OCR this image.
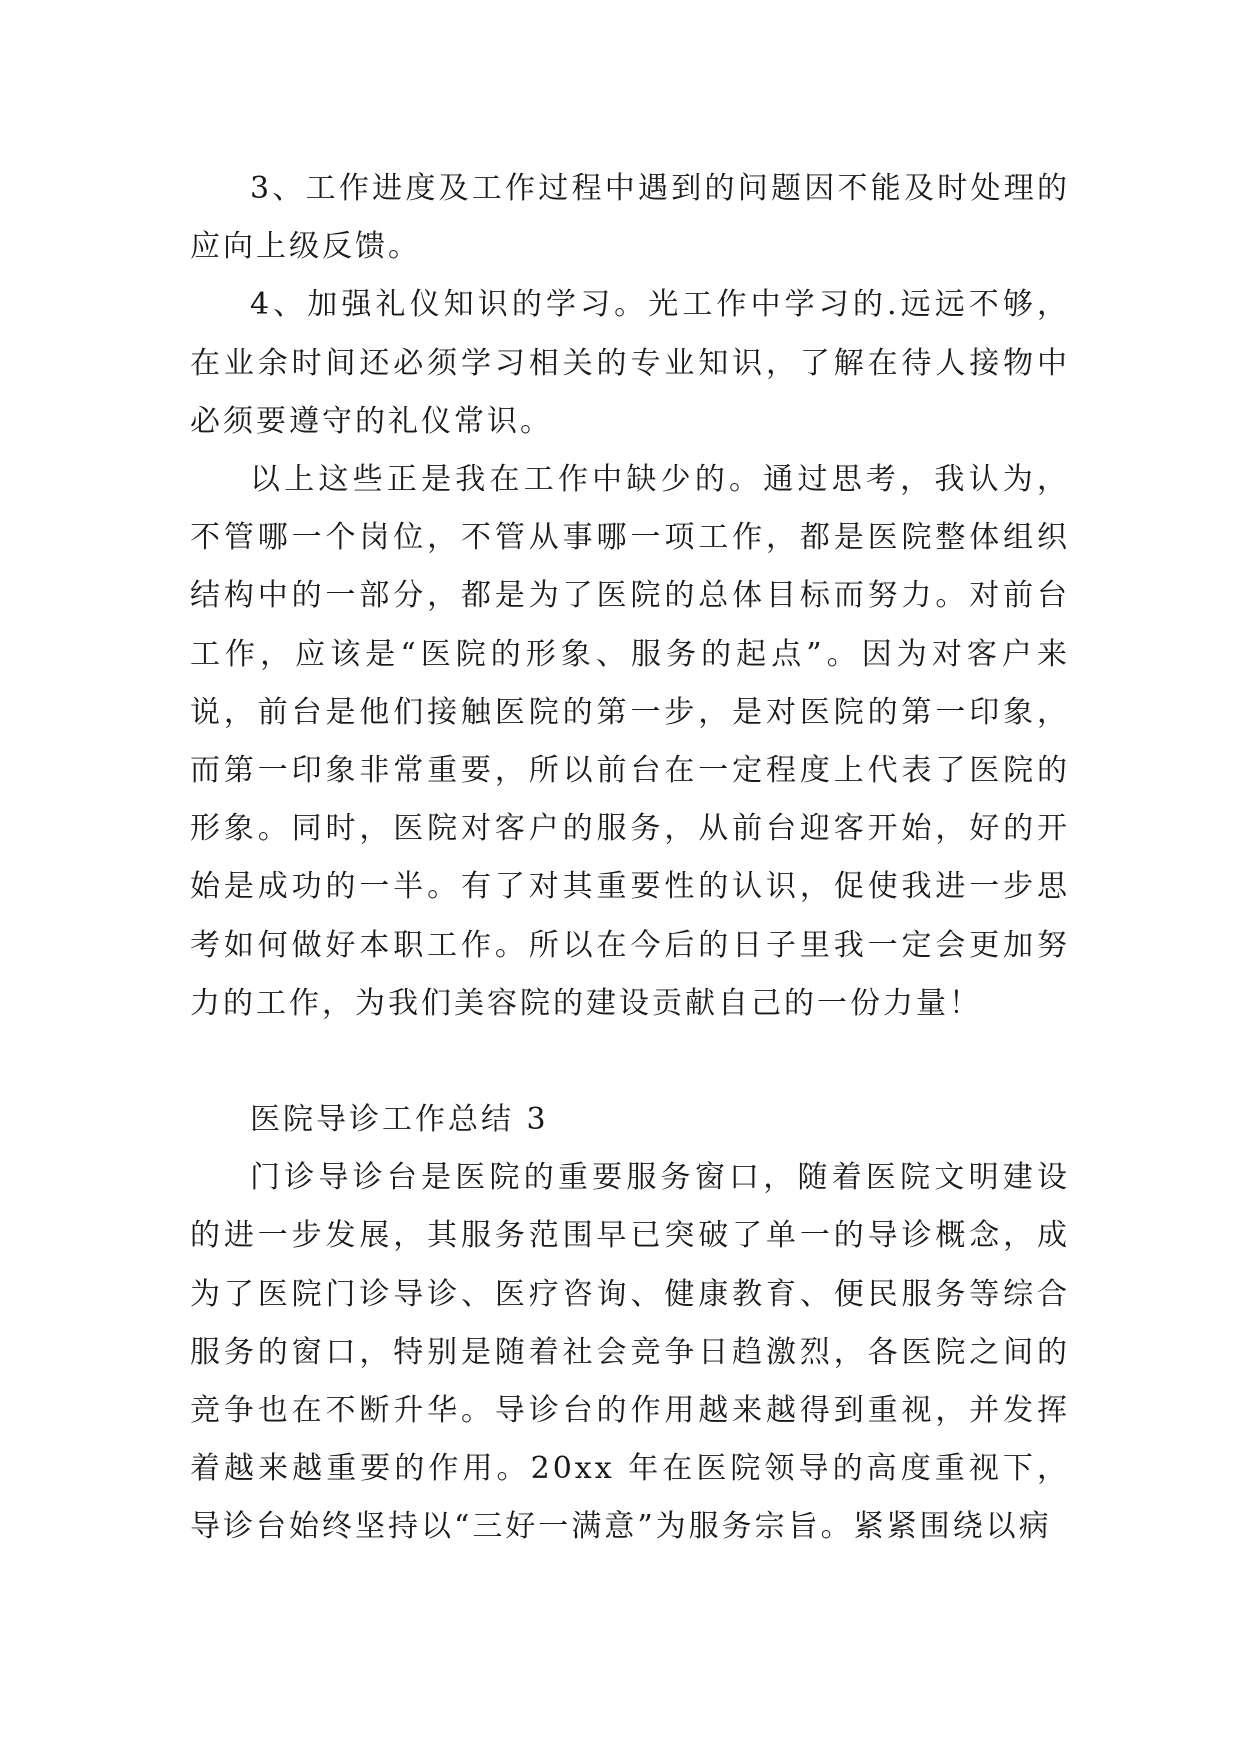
3、工作进度及工作过程中遇到的问题因不能及时处理的应向上级反馈。

4、加强礼仪知识的学习。光工作中学习的.远远不够，在业余时间还必须学习相关的专业知识，了解在待人接物中必须要遵守的礼仪常识。

以上这些正是我在工作中缺少的。通过思考，我认为，不管哪一个岗位，不管从事哪一项工作，都是医院整体组织结构中的一部分，都是为了医院的总体目标而努力。对前台工作，应该是“医院的形象、服务的起点”。因为对客户来说，前台是他们接触医院的第一步，是对医院的第一印象，而第一印象非常重要，所以前台在一定程度上代表了医院的形象。同时，医院对客户的服务，从前台迎客开始，好的开始是成功的一半。有了对其重要性的认识，促使我进一步思考如何做好本职工作。所以在今后的日子里我一定会更加努力的工作，为我们美容院的建设贡献自己的一份力量！

医院导诊工作总结 3

门诊导诊台是医院的重要服务窗口，随着医院文明建设的进一步发展，其服务范围早已突破了单一的导诊概念，成为了医院门诊导诊、医疗咨询、健康教育、便民服务等综合服务的窗口，特别是随着社会竞争日趋激烈，各医院之间的竞争也在不断升华。导诊台的作用越来越得到重视，并发挥着越来越重要的作用。20xx 年在医院领导的高度重视下，导诊台始终坚持以“三好一满意”为服务宗旨。紧紧围绕以病
